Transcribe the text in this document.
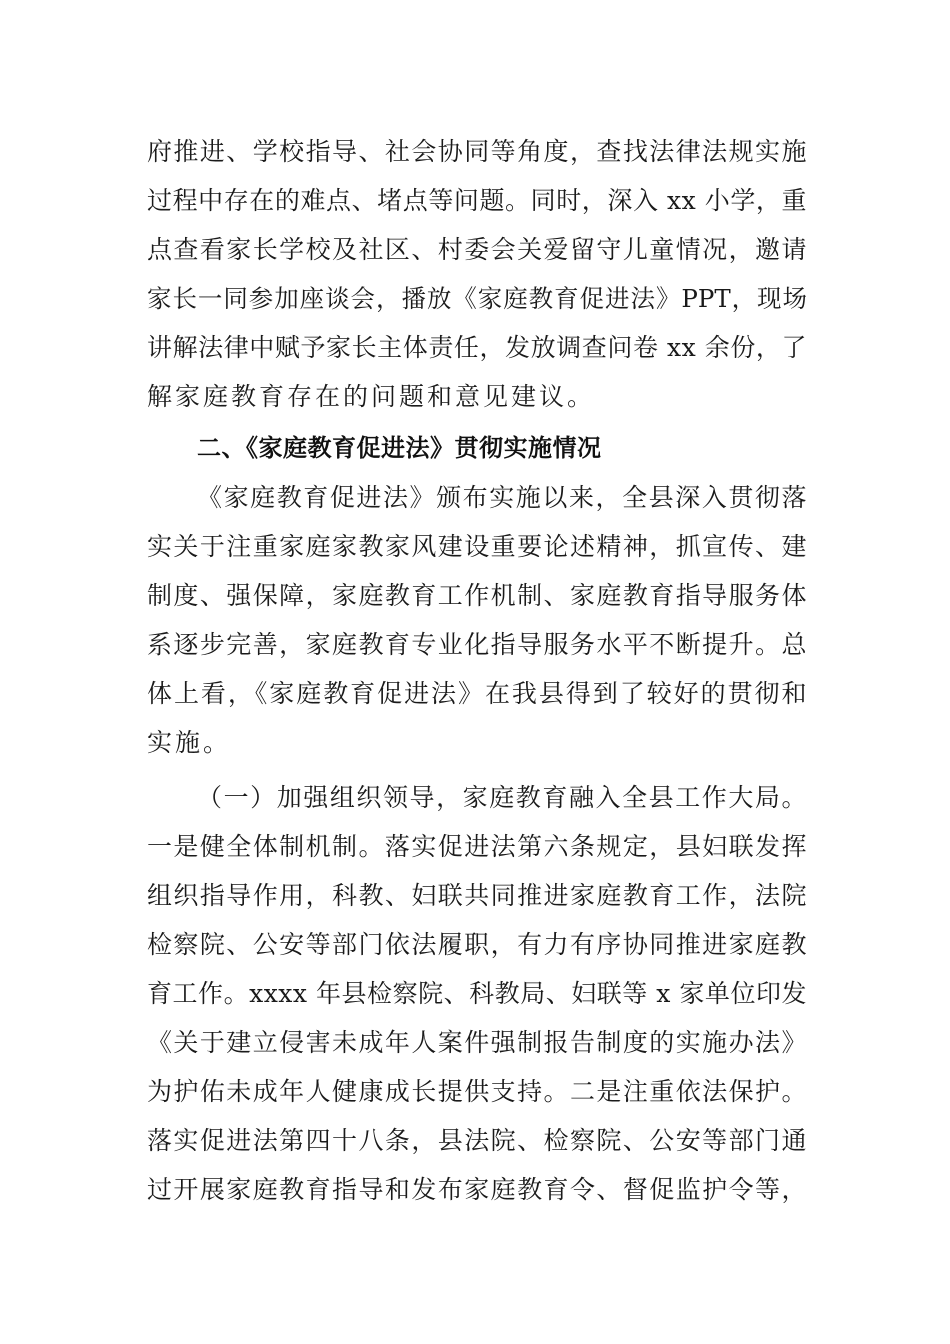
府推进、学校指导、社会协同等角度，查找法律法规实施

过程中存在的难点、堵点等问题。同时，深入 xx 小学，重

点查看家长学校及社区、村委会关爱留守儿童情况，邀请

家长一同参加座谈会，播放《家庭教育促进法》PPT，现场

讲解法律中赋予家长主体责任，发放调查问卷 xx 余份，了

解家庭教育存在的问题和意见建议。

二、《家庭教育促进法》贯彻实施情况

《家庭教育促进法》颁布实施以来，全县深入贯彻落

实关于注重家庭家教家风建设重要论述精神，抓宣传、建

制度、强保障，家庭教育工作机制、家庭教育指导服务体

系逐步完善，家庭教育专业化指导服务水平不断提升。总

体上看，《家庭教育促进法》在我县得到了较好的贯彻和

实施。

（一）加强组织领导，家庭教育融入全县工作大局。

一是健全体制机制。落实促进法第六条规定，县妇联发挥

组织指导作用，科教、妇联共同推进家庭教育工作，法院

检察院、公安等部门依法履职，有力有序协同推进家庭教

育工作。xxxx 年县检察院、科教局、妇联等 x 家单位印发

《关于建立侵害未成年人案件强制报告制度的实施办法》

为护佑未成年人健康成长提供支持。二是注重依法保护。

落实促进法第四十八条，县法院、检察院、公安等部门通

过开展家庭教育指导和发布家庭教育令、督促监护令等，
